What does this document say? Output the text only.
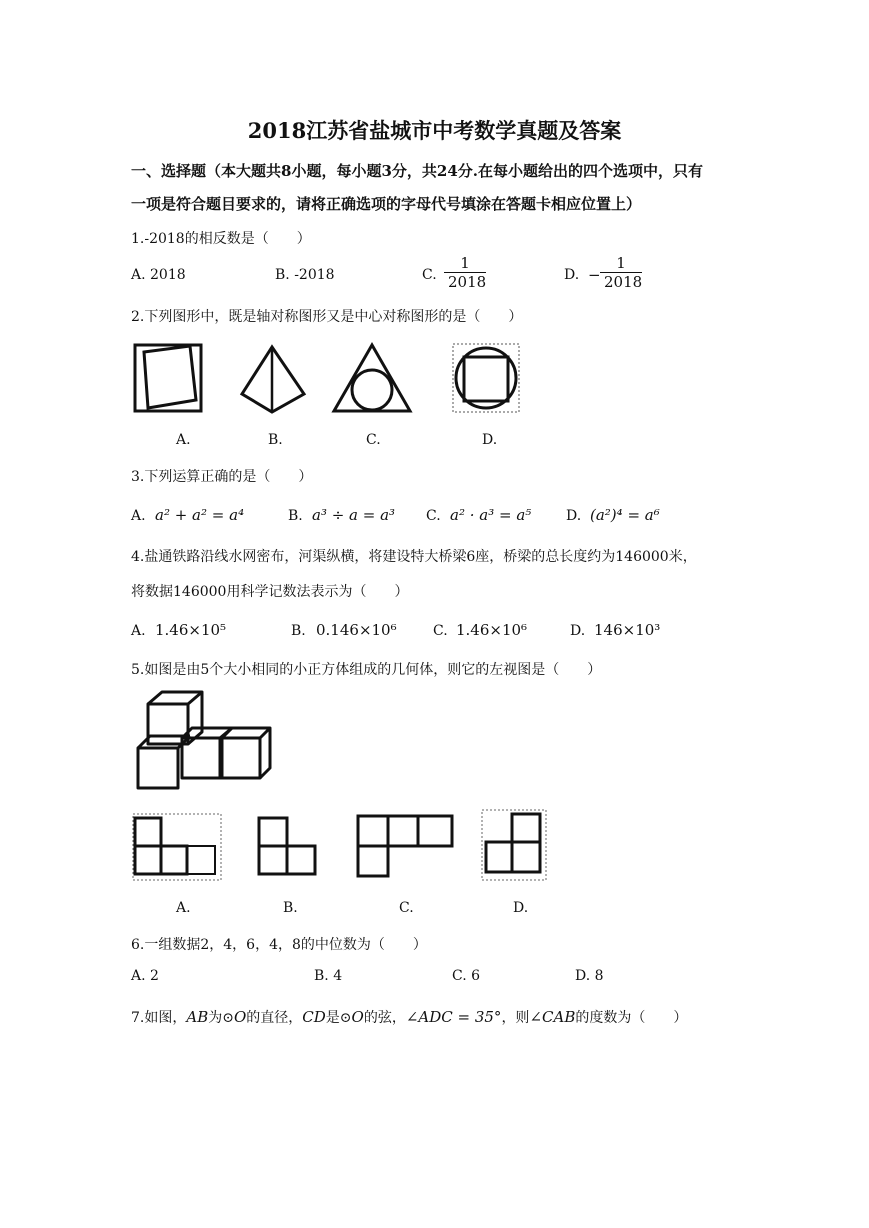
2018江苏省盐城市中考数学真题及答案
一、选择题（本大题共8小题，每小题3分，共24分.在每小题给出的四个选项中，只有
一项是符合题目要求的，请将正确选项的字母代号填涂在答题卡相应位置上）
1.-2018的相反数是（　　）
A. 2018	B. -2018	C.
1
2018	D. −
1
2018
2.下列图形中，既是轴对称图形又是中心对称图形的是（　　）
A.	B.	C.	D.
3.下列运算正确的是（　　）
A. a² + a² = a⁴	B. a³ ÷ a = a³ C. a² · a³ = a⁵ D. (a²)⁴ = a⁶
4.盐通铁路沿线水网密布，河渠纵横，将建设特大桥梁6座，桥梁的总长度约为146000米，
将数据146000用科学记数法表示为（　　）
A. 1.46×10⁵	B. 0.146×10⁶	C. 1.46×10⁶	D. 146×10³
5.如图是由5个大小相同的小正方体组成的几何体，则它的左视图是（　　）
A.	B.	C.	D.
6.一组数据2，4，6，4，8的中位数为（　　）
A. 2	B. 4	C. 6	D. 8
7.如图，AB为⊙O的直径，CD是⊙O的弦，∠ADC = 35°，则∠CAB的度数为（　　）
